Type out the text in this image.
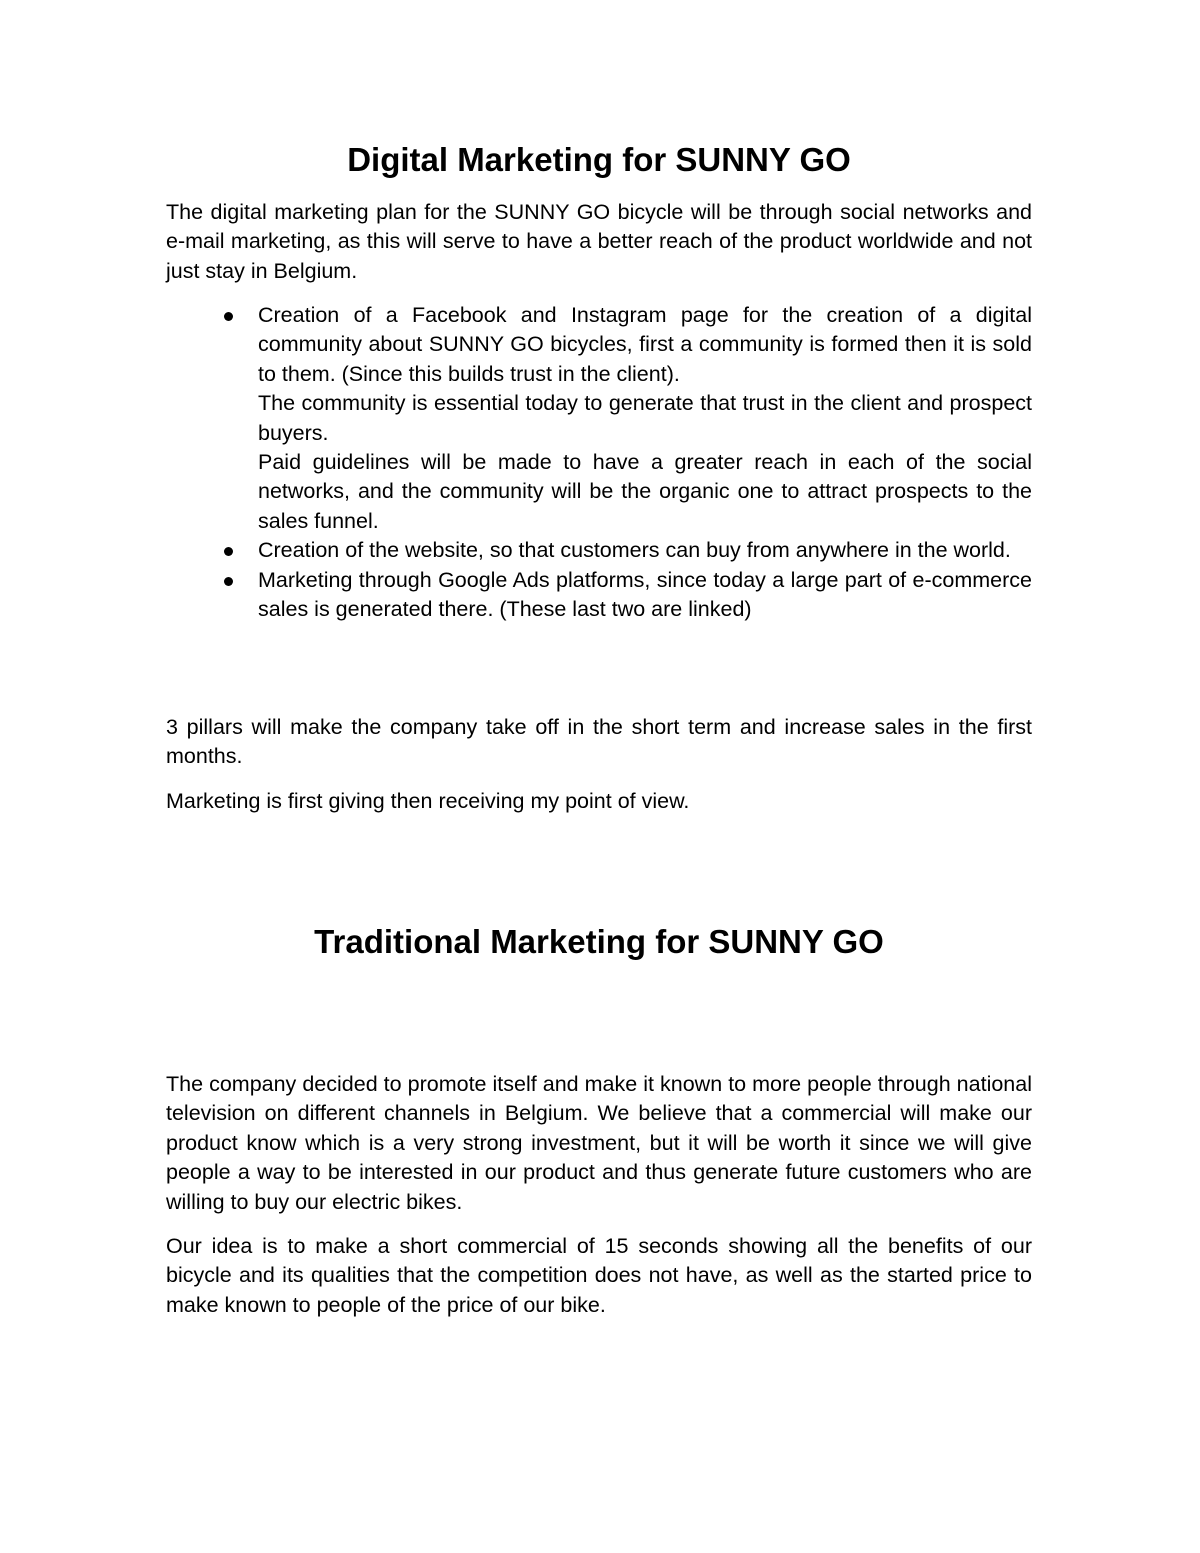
Digital Marketing for SUNNY GO

The digital marketing plan for the SUNNY GO bicycle will be through social networks and e-mail marketing, as this will serve to have a better reach of the product worldwide and not just stay in Belgium.

Creation of a Facebook and Instagram page for the creation of a digital community about SUNNY GO bicycles, first a community is formed then it is sold to them. (Since this builds trust in the client).
The community is essential today to generate that trust in the client and prospect buyers.
Paid guidelines will be made to have a greater reach in each of the social networks, and the community will be the organic one to attract prospects to the sales funnel.
Creation of the website, so that customers can buy from anywhere in the world.
Marketing through Google Ads platforms, since today a large part of e-commerce sales is generated there. (These last two are linked)

3 pillars will make the company take off in the short term and increase sales in the first months.

Marketing is first giving then receiving my point of view.

Traditional Marketing for SUNNY GO

The company decided to promote itself and make it known to more people through national television on different channels in Belgium. We believe that a commercial will make our product know which is a very strong investment, but it will be worth it since we will give people a way to be interested in our product and thus generate future customers who are willing to buy our electric bikes.

Our idea is to make a short commercial of 15 seconds showing all the benefits of our bicycle and its qualities that the competition does not have, as well as the started price to make known to people of the price of our bike.
